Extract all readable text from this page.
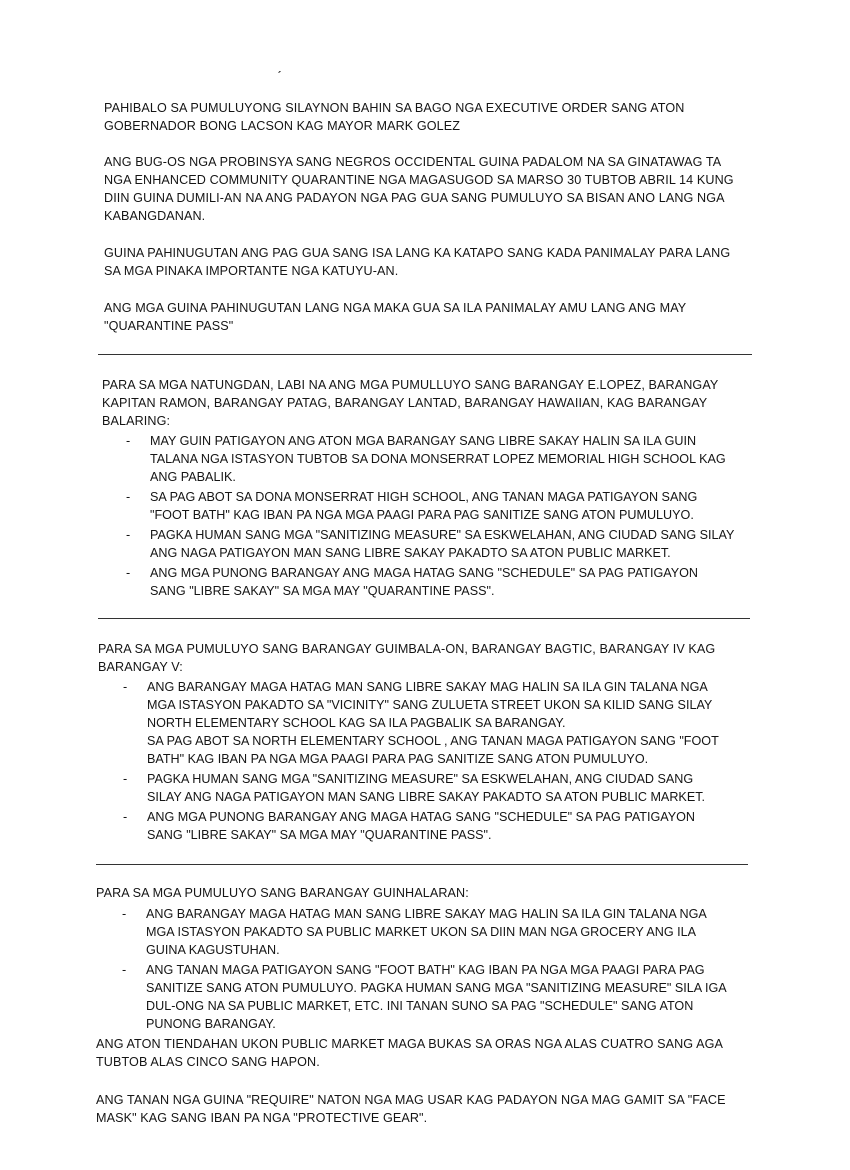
ˊ
PAHIBALO SA PUMULUYONG SILAYNON BAHIN SA BAGO NGA EXECUTIVE ORDER SANG ATON
GOBERNADOR BONG LACSON KAG MAYOR MARK GOLEZ
ANG BUG-OS NGA PROBINSYA SANG NEGROS OCCIDENTAL GUINA PADALOM NA SA GINATAWAG TA
NGA ENHANCED COMMUNITY QUARANTINE NGA MAGASUGOD SA MARSO 30 TUBTOB ABRIL 14 KUNG
DIIN GUINA DUMILI-AN NA ANG PADAYON NGA PAG GUA SANG PUMULUYO SA BISAN ANO LANG NGA
KABANGDANAN.
GUINA PAHINUGUTAN ANG PAG GUA SANG ISA LANG KA KATAPO SANG KADA PANIMALAY PARA LANG
SA MGA PINAKA IMPORTANTE NGA KATUYU-AN.
ANG MGA GUINA PAHINUGUTAN LANG NGA MAKA GUA SA ILA PANIMALAY AMU LANG ANG MAY
"QUARANTINE PASS"
PARA SA MGA NATUNGDAN, LABI NA ANG MGA PUMULLUYO SANG BARANGAY E.LOPEZ, BARANGAY
KAPITAN RAMON, BARANGAY PATAG, BARANGAY LANTAD, BARANGAY HAWAIIAN, KAG BARANGAY
BALARING:
- MAY GUIN PATIGAYON ANG ATON MGA BARANGAY SANG LIBRE SAKAY HALIN SA ILA GUIN
TALANA NGA ISTASYON TUBTOB SA DONA MONSERRAT LOPEZ MEMORIAL HIGH SCHOOL KAG
ANG PABALIK.
- SA PAG ABOT SA DONA MONSERRAT HIGH SCHOOL, ANG TANAN MAGA PATIGAYON SANG
"FOOT BATH" KAG IBAN PA NGA MGA PAAGI PARA PAG SANITIZE SANG ATON PUMULUYO.
- PAGKA HUMAN SANG MGA "SANITIZING MEASURE" SA ESKWELAHAN, ANG CIUDAD SANG SILAY
ANG NAGA PATIGAYON MAN SANG LIBRE SAKAY PAKADTO SA ATON PUBLIC MARKET.
- ANG MGA PUNONG BARANGAY ANG MAGA HATAG SANG "SCHEDULE" SA PAG PATIGAYON
SANG "LIBRE SAKAY" SA MGA MAY "QUARANTINE PASS".
PARA SA MGA PUMULUYO SANG BARANGAY GUIMBALA-ON, BARANGAY BAGTIC, BARANGAY IV KAG
BARANGAY V:
- ANG BARANGAY MAGA HATAG MAN SANG LIBRE SAKAY MAG HALIN SA ILA GIN TALANA NGA
MGA ISTASYON PAKADTO SA "VICINITY" SANG ZULUETA STREET UKON SA KILID SANG SILAY
NORTH ELEMENTARY SCHOOL KAG SA ILA PAGBALIK SA BARANGAY.
SA PAG ABOT SA NORTH ELEMENTARY SCHOOL , ANG TANAN MAGA PATIGAYON SANG "FOOT
BATH" KAG IBAN PA NGA MGA PAAGI PARA PAG SANITIZE SANG ATON PUMULUYO.
- PAGKA HUMAN SANG MGA "SANITIZING MEASURE" SA ESKWELAHAN, ANG CIUDAD SANG
SILAY ANG NAGA PATIGAYON MAN SANG LIBRE SAKAY PAKADTO SA ATON PUBLIC MARKET.
- ANG MGA PUNONG BARANGAY ANG MAGA HATAG SANG "SCHEDULE" SA PAG PATIGAYON
SANG "LIBRE SAKAY" SA MGA MAY "QUARANTINE PASS".
PARA SA MGA PUMULUYO SANG BARANGAY GUINHALARAN:
- ANG BARANGAY MAGA HATAG MAN SANG LIBRE SAKAY MAG HALIN SA ILA GIN TALANA NGA
MGA ISTASYON PAKADTO SA PUBLIC MARKET UKON SA DIIN MAN NGA GROCERY ANG ILA
GUINA KAGUSTUHAN.
- ANG TANAN MAGA PATIGAYON SANG "FOOT BATH" KAG IBAN PA NGA MGA PAAGI PARA PAG
SANITIZE SANG ATON PUMULUYO. PAGKA HUMAN SANG MGA "SANITIZING MEASURE" SILA IGA
DUL-ONG NA SA PUBLIC MARKET, ETC. INI TANAN SUNO SA PAG "SCHEDULE" SANG ATON
PUNONG BARANGAY.
ANG ATON TIENDAHAN UKON PUBLIC MARKET MAGA BUKAS SA ORAS NGA ALAS CUATRO SANG AGA
TUBTOB ALAS CINCO SANG HAPON.
ANG TANAN NGA GUINA "REQUIRE" NATON NGA MAG USAR KAG PADAYON NGA MAG GAMIT SA "FACE
MASK" KAG SANG IBAN PA NGA "PROTECTIVE GEAR".
